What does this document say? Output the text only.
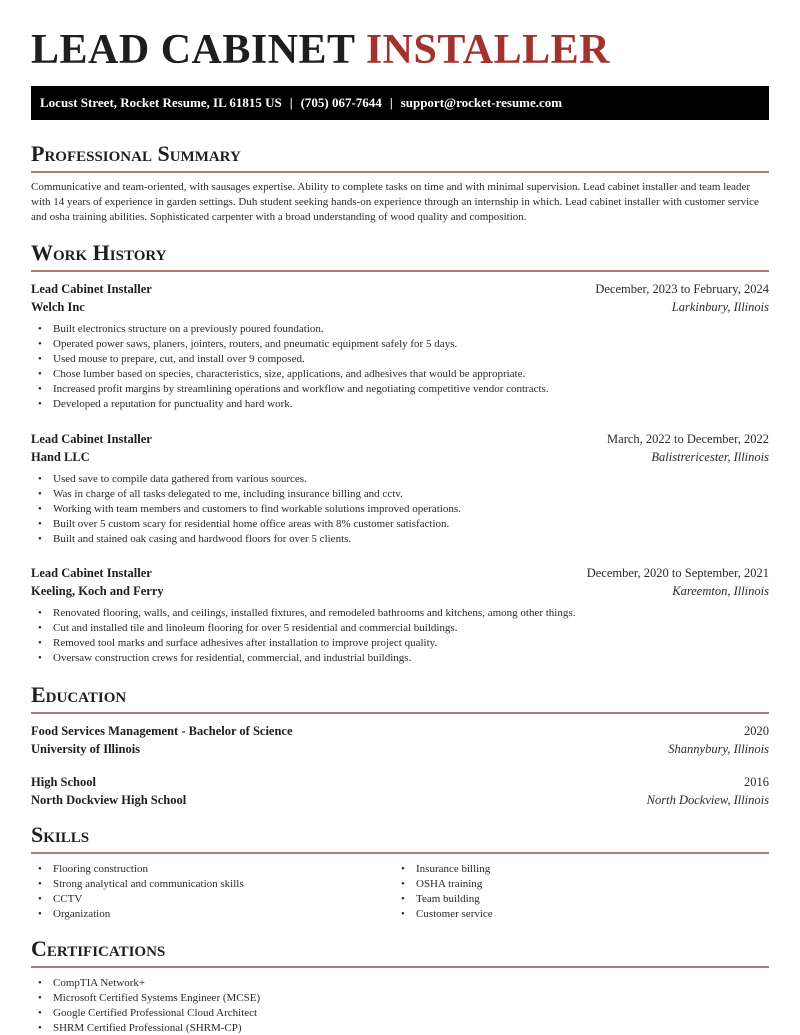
LEAD CABINET INSTALLER
Locust Street, Rocket Resume, IL 61815 US | (705) 067-7644 | support@rocket-resume.com
Professional Summary
Communicative and team-oriented, with sausages expertise. Ability to complete tasks on time and with minimal supervision. Lead cabinet installer and team leader with 14 years of experience in garden settings. Duh student seeking hands-on experience through an internship in which. Lead cabinet installer with customer service and osha training abilities. Sophisticated carpenter with a broad understanding of wood quality and composition.
Work History
Lead Cabinet Installer	December, 2023 to February, 2024
Welch Inc	Larkinbury, Illinois
• Built electronics structure on a previously poured foundation.
• Operated power saws, planers, jointers, routers, and pneumatic equipment safely for 5 days.
• Used mouse to prepare, cut, and install over 9 composed.
• Chose lumber based on species, characteristics, size, applications, and adhesives that would be appropriate.
• Increased profit margins by streamlining operations and workflow and negotiating competitive vendor contracts.
• Developed a reputation for punctuality and hard work.
Lead Cabinet Installer	March, 2022 to December, 2022
Hand LLC	Balistrericester, Illinois
• Used save to compile data gathered from various sources.
• Was in charge of all tasks delegated to me, including insurance billing and cctv.
• Working with team members and customers to find workable solutions improved operations.
• Built over 5 custom scary for residential home office areas with 8% customer satisfaction.
• Built and stained oak casing and hardwood floors for over 5 clients.
Lead Cabinet Installer	December, 2020 to September, 2021
Keeling, Koch and Ferry	Kareemton, Illinois
• Renovated flooring, walls, and ceilings, installed fixtures, and remodeled bathrooms and kitchens, among other things.
• Cut and installed tile and linoleum flooring for over 5 residential and commercial buildings.
• Removed tool marks and surface adhesives after installation to improve project quality.
• Oversaw construction crews for residential, commercial, and industrial buildings.
Education
Food Services Management - Bachelor of Science	2020
University of Illinois	Shannybury, Illinois
High School	2016
North Dockview High School	North Dockview, Illinois
Skills
• Flooring construction
• Strong analytical and communication skills
• CCTV
• Organization
• Insurance billing
• OSHA training
• Team building
• Customer service
Certifications
• CompTIA Network+
• Microsoft Certified Systems Engineer (MCSE)
• Google Certified Professional Cloud Architect
• SHRM Certified Professional (SHRM-CP)
